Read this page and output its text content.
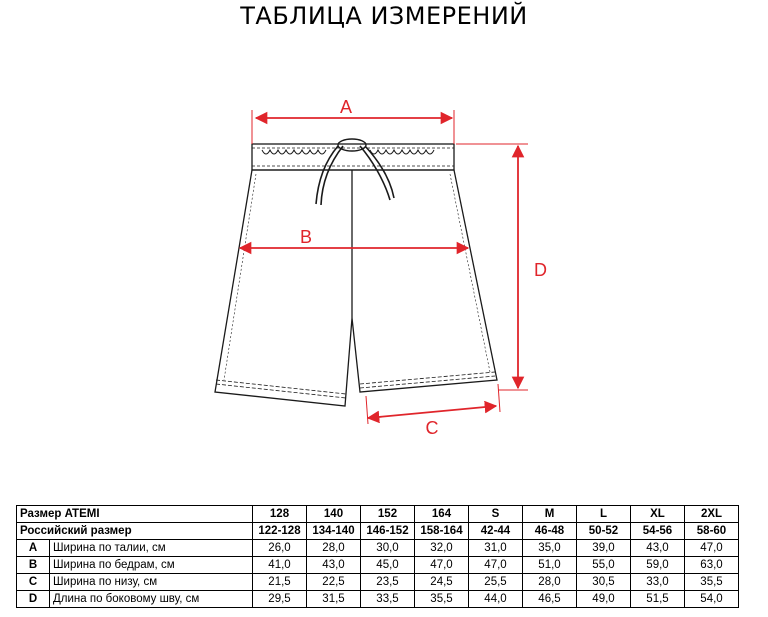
ТАБЛИЦА ИЗМЕРЕНИЙ
A
B
C
D
Размер ATEMI		128	140	152	164	S	M	L	XL	2XL
Российский размер		122-128	134-140	146-152	158-164	42-44	46-48	50-52	54-56	58-60
A	Ширина по талии, см	26,0	28,0	30,0	32,0	31,0	35,0	39,0	43,0	47,0
B	Ширина по бедрам, см	41,0	43,0	45,0	47,0	47,0	51,0	55,0	59,0	63,0
C	Ширина по низу, см	21,5	22,5	23,5	24,5	25,5	28,0	30,5	33,0	35,5
D	Длина по боковому шву, см	29,5	31,5	33,5	35,5	44,0	46,5	49,0	51,5	54,0
